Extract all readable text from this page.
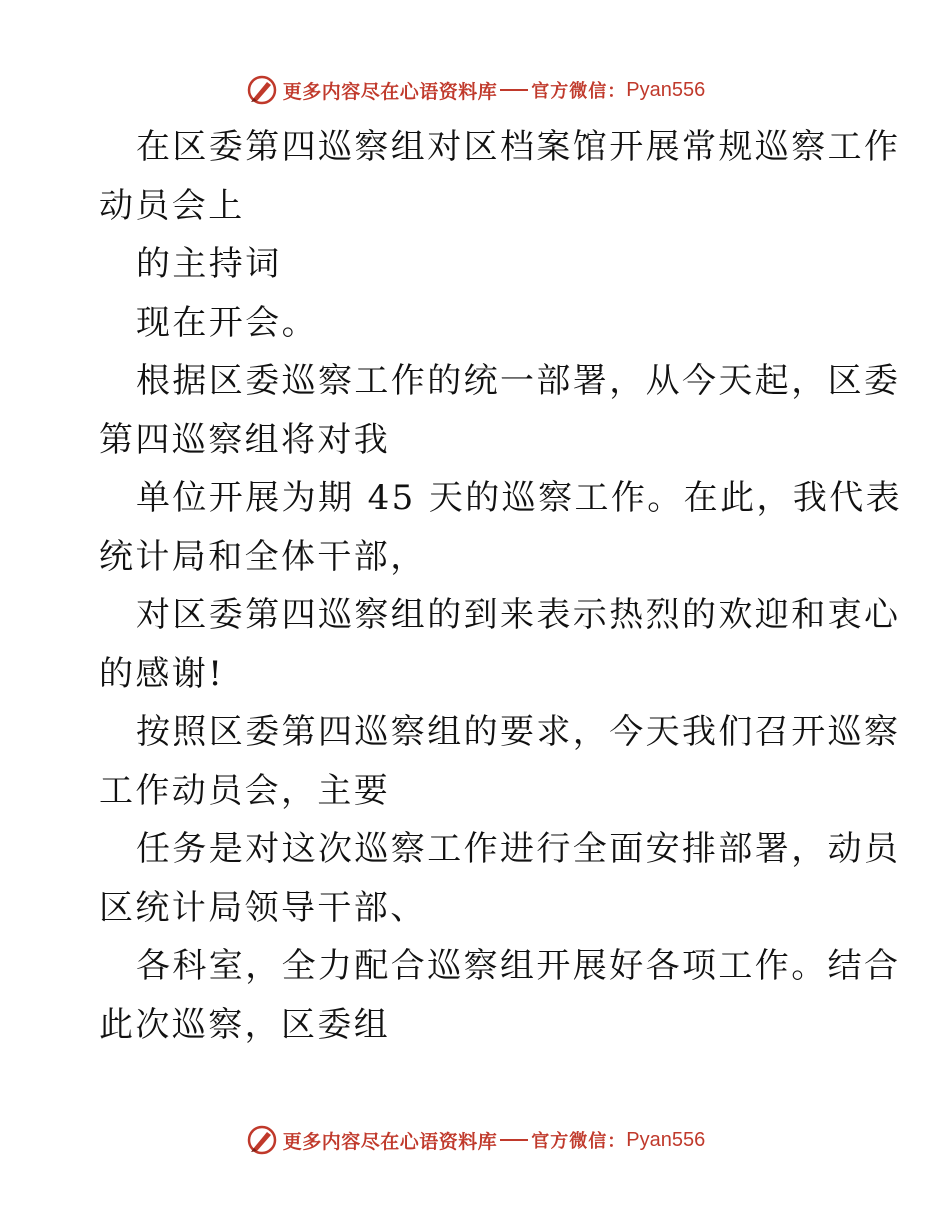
更多内容尽在心语资料库 官方微信： Pyan556
在区委第四巡察组对区档案馆开展常规巡察工作
动员会上
的主持词
现在开会。
根据区委巡察工作的统一部署，从今天起，区委
第四巡察组将对我
单位开展为期 45 天的巡察工作。在此，我代表
统计局和全体干部，
对区委第四巡察组的到来表示热烈的欢迎和衷心
的感谢!
按照区委第四巡察组的要求，今天我们召开巡察
工作动员会，主要
任务是对这次巡察工作进行全面安排部署，动员
区统计局领导干部、
各科室，全力配合巡察组开展好各项工作。结合
此次巡察，区委组
更多内容尽在心语资料库 官方微信： Pyan556
